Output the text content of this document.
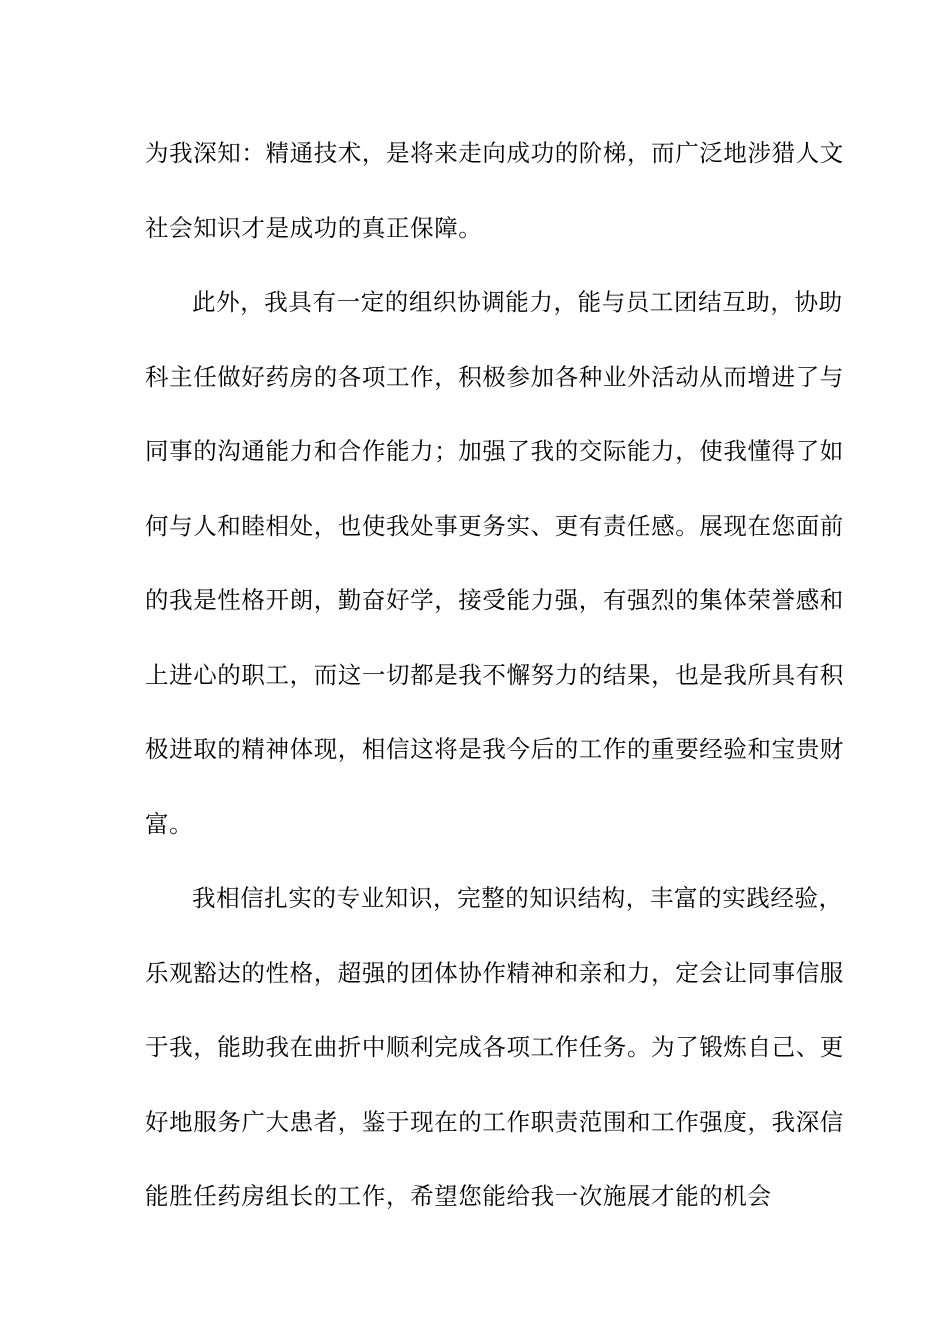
为我深知：精通技术，是将来走向成功的阶梯，而广泛地涉猎人文
社会知识才是成功的真正保障。
此外，我具有一定的组织协调能力，能与员工团结互助，协助
科主任做好药房的各项工作，积极参加各种业外活动从而增进了与
同事的沟通能力和合作能力；加强了我的交际能力，使我懂得了如
何与人和睦相处，也使我处事更务实、更有责任感。展现在您面前
的我是性格开朗，勤奋好学，接受能力强，有强烈的集体荣誉感和
上进心的职工，而这一切都是我不懈努力的结果，也是我所具有积
极进取的精神体现，相信这将是我今后的工作的重要经验和宝贵财
富。
我相信扎实的专业知识，完整的知识结构，丰富的实践经验，
乐观豁达的性格，超强的团体协作精神和亲和力，定会让同事信服
于我，能助我在曲折中顺利完成各项工作任务。为了锻炼自己、更
好地服务广大患者，鉴于现在的工作职责范围和工作强度，我深信
能胜任药房组长的工作，希望您能给我一次施展才能的机会
